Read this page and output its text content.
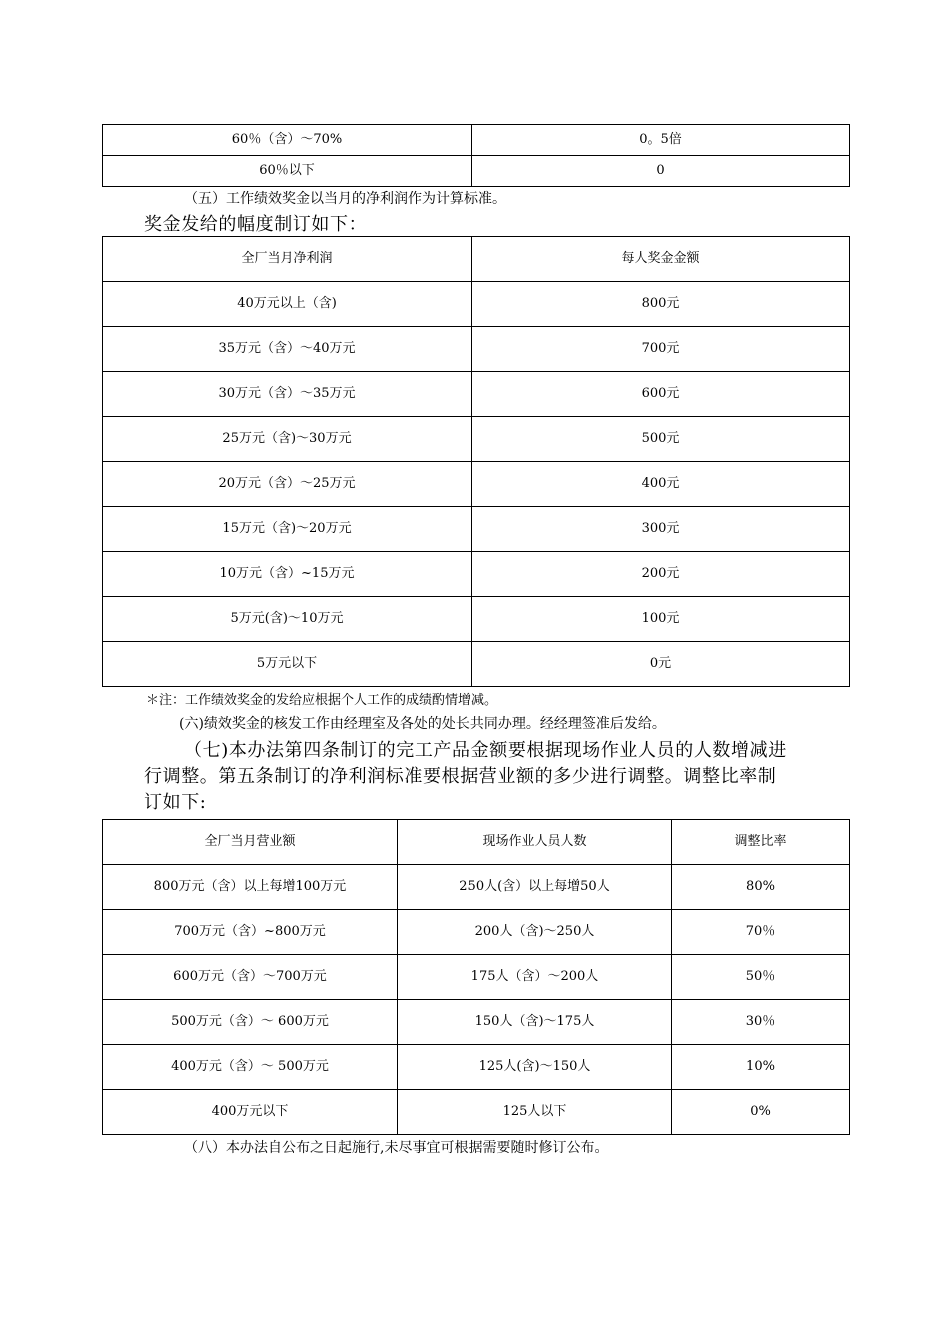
60％（含）～70%	0。5倍
60％以下	0
（五）工作绩效奖金以当月的净利润作为计算标准。
奖金发给的幅度制订如下：
全厂当月净利润	每人奖金金额
40万元以上（含)	800元
35万元（含）～40万元	700元
30万元（含）～35万元	600元
25万元（含)～30万元	500元
20万元（含）～25万元	400元
15万元（含)～20万元	300元
10万元（含）~15万元	200元
5万元(含)～10万元	100元
5万元以下	0元
＊注：工作绩效奖金的发给应根据个人工作的成绩酌情增减。
(六)绩效奖金的核发工作由经理室及各处的处长共同办理。经经理签准后发给。
（七)本办法第四条制订的完工产品金额要根据现场作业人员的人数增减进
行调整。第五条制订的净利润标准要根据营业额的多少进行调整。调整比率制
订如下:
全厂当月营业额	现场作业人员人数	调整比率
800万元（含）以上每增100万元	250人(含）以上每增50人	80%
700万元（含）~800万元	200人（含)～250人	70％
600万元（含）～700万元	175人（含）～200人	50％
500万元（含）～ 600万元	150人（含)～175人	30％
400万元（含）～ 500万元	125人(含)～150人	10%
400万元以下	125人以下	0%
（八）本办法自公布之日起施行,未尽事宜可根据需要随时修订公布。
